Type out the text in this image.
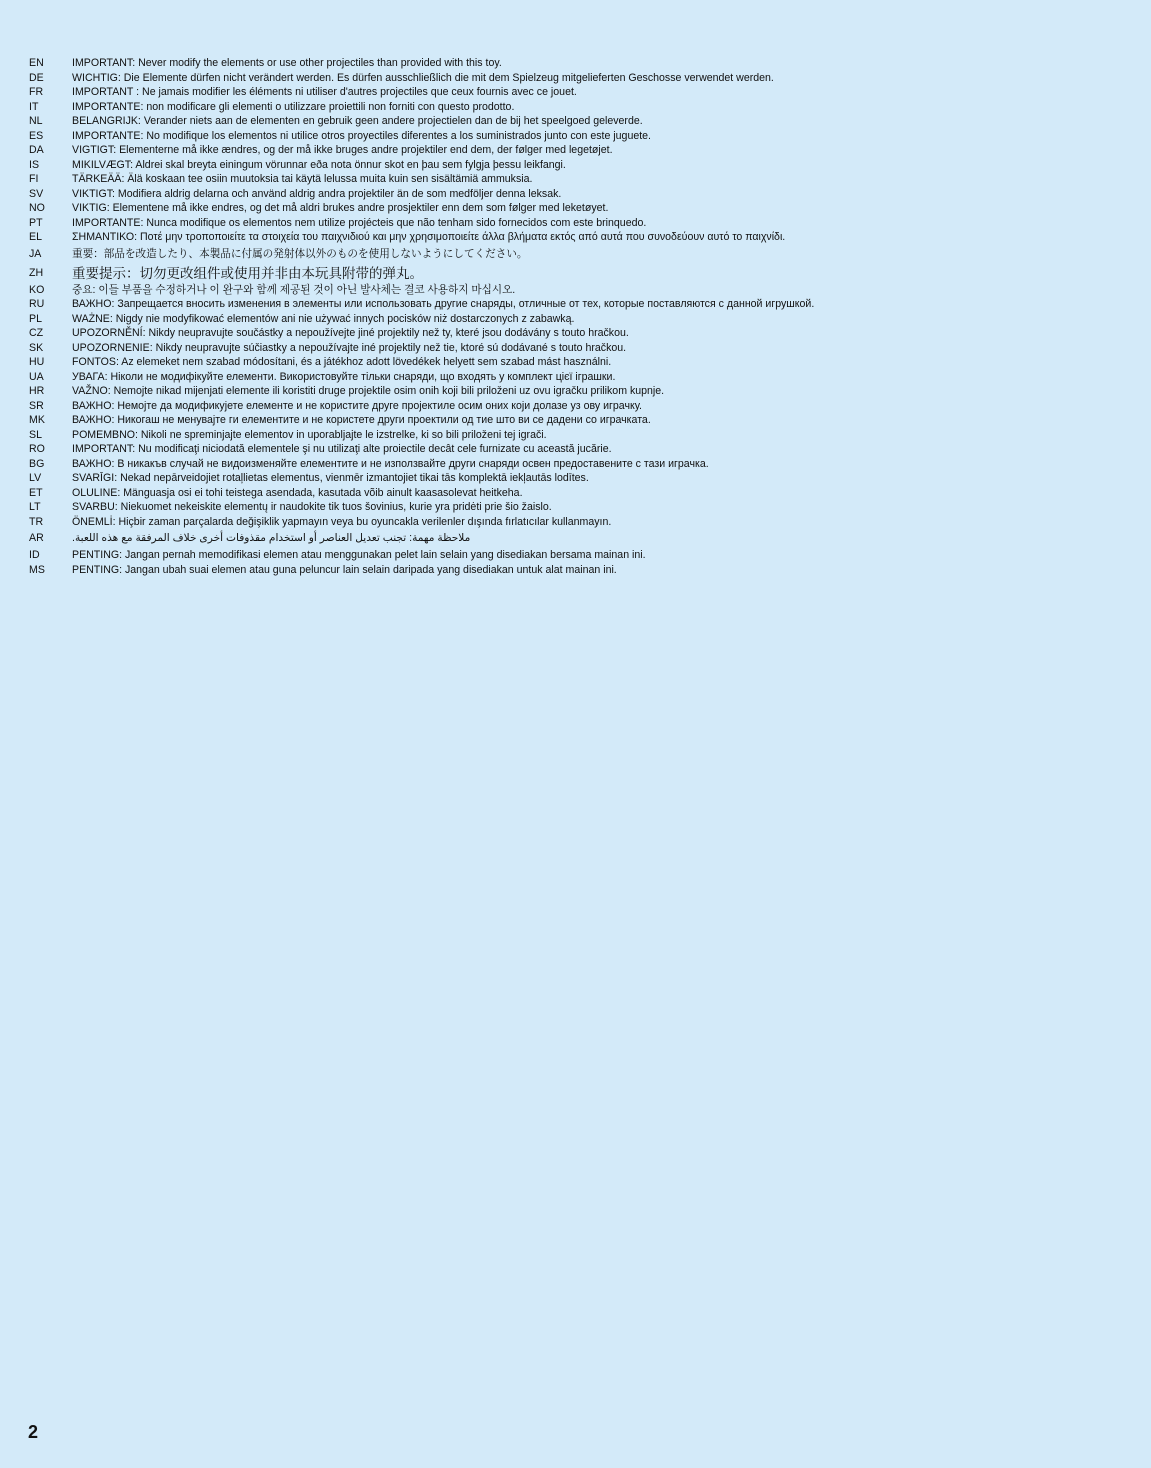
EN	IMPORTANT: Never modify the elements or use other projectiles than provided with this toy.
DE	WICHTIG: Die Elemente dürfen nicht verändert werden. Es dürfen ausschließlich die mit dem Spielzeug mitgelieferten Geschosse verwendet werden.
FR	IMPORTANT : Ne jamais modifier les éléments ni utiliser d'autres projectiles que ceux fournis avec ce jouet.
IT	IMPORTANTE: non modificare gli elementi o utilizzare proiettili non forniti con questo prodotto.
NL	BELANGRIJK: Verander niets aan de elementen en gebruik geen andere projectielen dan de bij het speelgoed geleverde.
ES	IMPORTANTE: No modifique los elementos ni utilice otros proyectiles diferentes a los suministrados junto con este juguete.
DA	VIGTIGT: Elementerne må ikke ændres, og der må ikke bruges andre projektiler end dem, der følger med legetøjet.
IS	MIKILVÆGT: Aldrei skal breyta einingum vörunnar eða nota önnur skot en þau sem fylgja þessu leikfangi.
FI	TÄRKEÄÄ: Älä koskaan tee osiin muutoksia tai käytä lelussa muita kuin sen sisältämiä ammuksia.
SV	VIKTIGT: Modifiera aldrig delarna och använd aldrig andra projektiler än de som medföljer denna leksak.
NO	VIKTIG: Elementene må ikke endres, og det må aldri brukes andre prosjektiler enn dem som følger med leketøyet.
PT	IMPORTANTE: Nunca modifique os elementos nem utilize projécteis que não tenham sido fornecidos com este brinquedo.
EL	ΣΗΜΑΝΤΙΚΟ: Ποτέ μην τροποποιείτε τα στοιχεία του παιχνιδιού και μην χρησιμοποιείτε άλλα βλήματα εκτός από αυτά που συνοδεύουν αυτό το παιχνίδι.
JA	重要：部品を改造したり、本製品に付属の発射体以外のものを使用しないようにしてください。
ZH	重要提示：切勿更改组件或使用并非由本玩具附带的弹丸。
KO	중요: 이들 부품을 수정하거나 이 완구와 함께 제공된 것이 아닌 발사체는 결코 사용하지 마십시오.
RU	ВАЖНО: Запрещается вносить изменения в элементы или использовать другие снаряды, отличные от тех, которые поставляются с данной игрушкой.
PL	WAŻNE: Nigdy nie modyfikować elementów ani nie używać innych pocisków niż dostarczonych z zabawką.
CZ	UPOZORNĚNÍ: Nikdy neupravujte součástky a nepoužívejte jiné projektily než ty, které jsou dodávány s touto hračkou.
SK	UPOZORNENIE: Nikdy neupravujte súčiastky a nepoužívajte iné projektily než tie, ktoré sú dodávané s touto hračkou.
HU	FONTOS: Az elemeket nem szabad módosítani, és a játékhoz adott lövedékek helyett sem szabad mást használni.
UA	УВАГА: Ніколи не модифікуйте елементи. Використовуйте тільки снаряди, що входять у комплект цієї іграшки.
HR	VAŽNO: Nemojte nikad mijenjati elemente ili koristiti druge projektile osim onih koji bili priloženi uz ovu igračku prilikom kupnje.
SR	ВАЖНО: Немојте да модификујете елементе и не користите друге пројектиле осим оних који долазе уз ову играчку.
MK	ВАЖНО: Никогаш не менувајте ги елементите и не користете други проектили од тие што ви се дадени со играчката.
SL	POMEMBNO: Nikoli ne spreminjajte elementov in uporabljajte le izstrelke, ki so bili priloženi tej igrači.
RO	IMPORTANT: Nu modificaţi niciodată elementele şi nu utilizaţi alte proiectile decât cele furnizate cu această jucărie.
BG	ВАЖНО: В никакъв случай не видоизменяйте елементите и не използвайте други снаряди освен предоставените с тази играчка.
LV	SVARĪGI: Nekad nepārveidojiet rotaļlietas elementus, vienmēr izmantojiet tikai tās komplektā iekļautās lodītes.
ET	OLULINE: Mänguasja osi ei tohi teistega asendada, kasutada võib ainult kaasasolevat heitkeha.
LT	SVARBU: Niekuomet nekeiskite elementų ir naudokite tik tuos šovinius, kurie yra pridėti prie šio žaislo.
TR	ÖNEMLİ: Hiçbir zaman parçalarda değişiklik yapmayın veya bu oyuncakla verilenler dışında fırlatıcılar kullanmayın.
AR	ملاحظة مهمة: تجنب تعديل العناصر أو استخدام مقذوفات أخرى خلاف المرفقة مع هذه اللعبة.
ID	PENTING: Jangan pernah memodifikasi elemen atau menggunakan pelet lain selain yang disediakan bersama mainan ini.
MS	PENTING: Jangan ubah suai elemen atau guna peluncur lain selain daripada yang disediakan untuk alat mainan ini.
2
